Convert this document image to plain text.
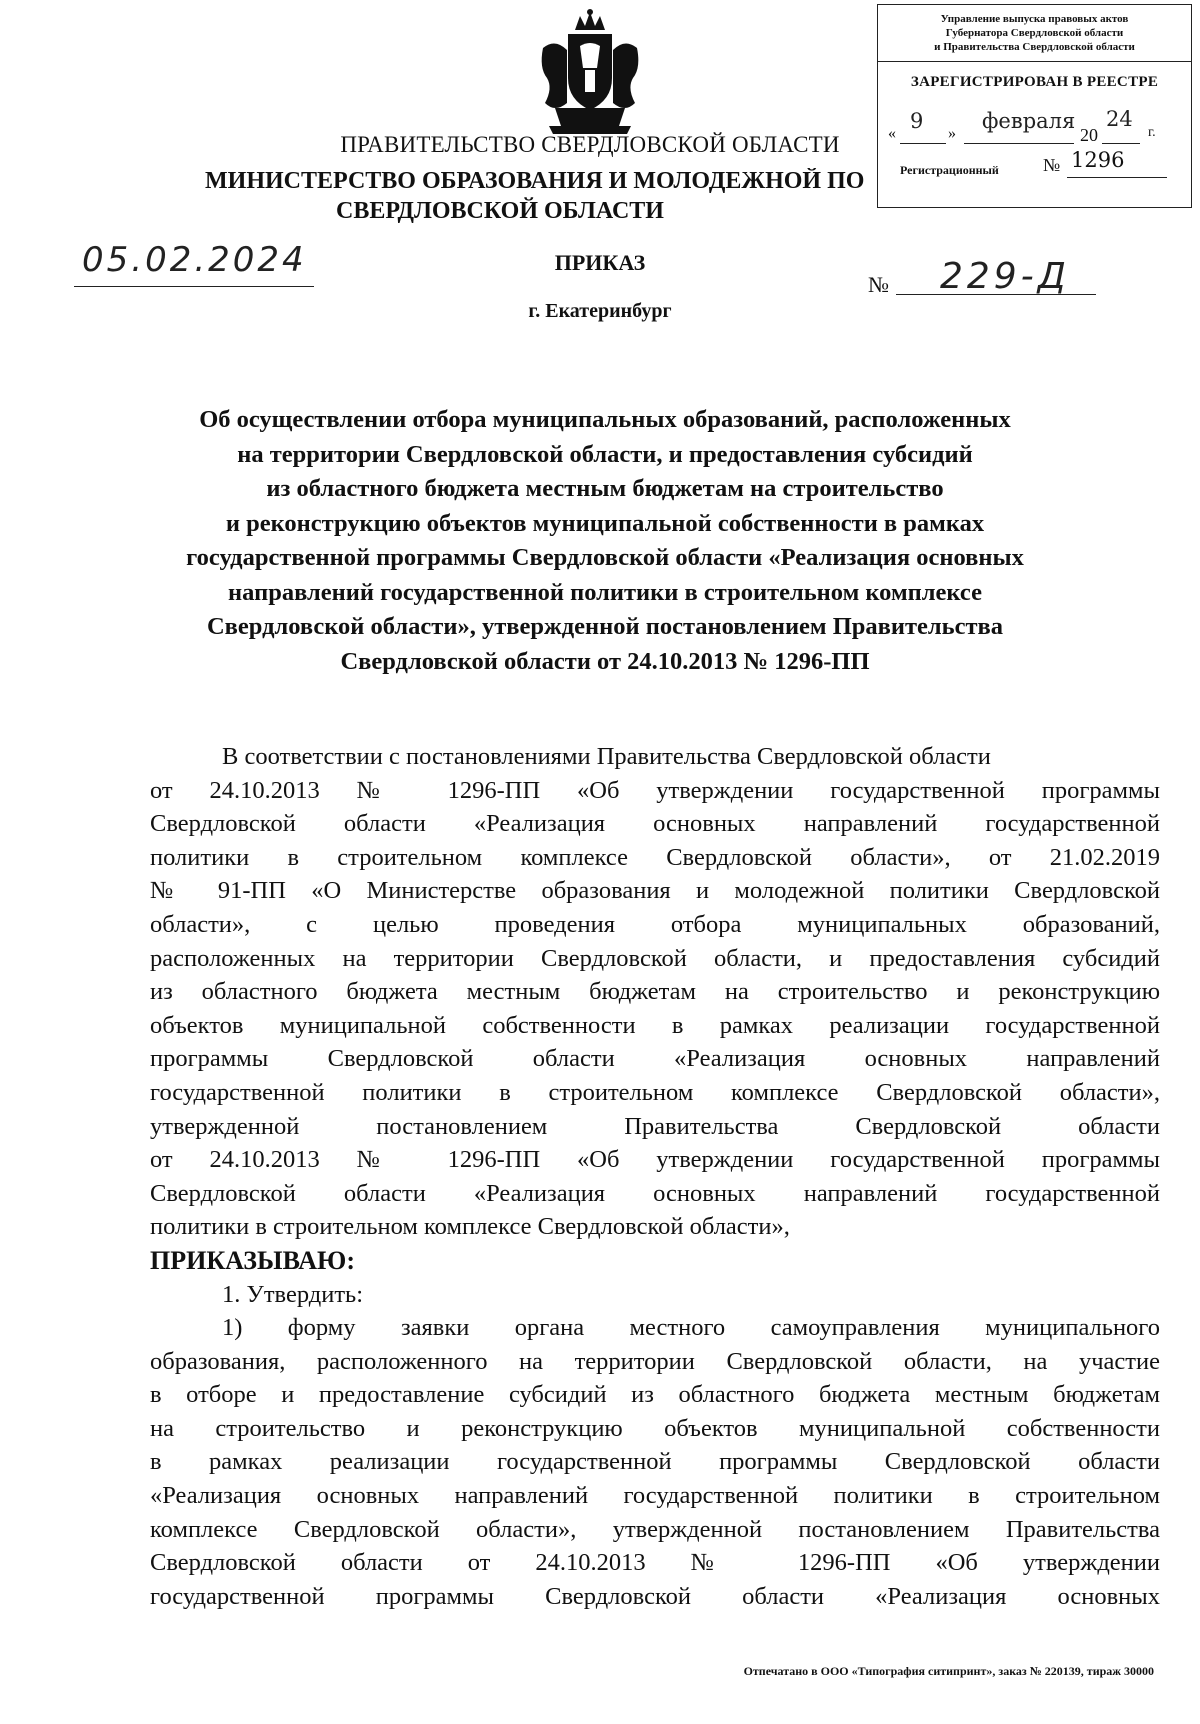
Управление выпуска правовых актов
Губернатора Свердловской области
и Правительства Свердловской области
ЗАРЕГИСТРИРОВАН В РЕЕСТРЕ
«
9
»
февраля
20
24
г.
Регистрационный № 1296
ПРАВИТЕЛЬСТВО СВЕРДЛОВСКОЙ ОБЛАСТИ
МИНИСТЕРСТВО ОБРАЗОВАНИЯ И МОЛОДЕЖНОЙ ПО
СВЕРДЛОВСКОЙ ОБЛАСТИ
05.02.2024	ПРИКАЗ
г. Екатеринбург
№ 229-Д
Об осуществлении отбора муниципальных образований, расположенных
на территории Свердловской области, и предоставления субсидий
из областного бюджета местным бюджетам на строительство
и реконструкцию объектов муниципальной собственности в рамках
государственной программы Свердловской области «Реализация основных
направлений государственной политики в строительном комплексе
Свердловской области», утвержденной постановлением Правительства
Свердловской области от 24.10.2013 № 1296-ПП
В соответствии с постановлениями Правительства Свердловской области
от 24.10.2013 № 1296-ПП «Об утверждении государственной программы
Свердловской области «Реализация основных направлений государственной
политики в строительном комплексе Свердловской области», от 21.02.2019
№ 91-ПП «О Министерстве образования и молодежной политики Свердловской
области», с целью проведения отбора муниципальных образований,
расположенных на территории Свердловской области, и предоставления субсидий
из областного бюджета местным бюджетам на строительство и реконструкцию
объектов муниципальной собственности в рамках реализации государственной
программы Свердловской области «Реализация основных направлений
государственной политики в строительном комплексе Свердловской области»,
утвержденной постановлением Правительства Свердловской области
от 24.10.2013 № 1296-ПП «Об утверждении государственной программы
Свердловской области «Реализация основных направлений государственной
политики в строительном комплексе Свердловской области»,
ПРИКАЗЫВАЮ:
1. Утвердить:
1) форму заявки органа местного самоуправления муниципального
образования, расположенного на территории Свердловской области, на участие
в отборе и предоставление субсидий из областного бюджета местным бюджетам
на строительство и реконструкцию объектов муниципальной собственности
в рамках реализации государственной программы Свердловской области
«Реализация основных направлений государственной политики в строительном
комплексе Свердловской области», утвержденной постановлением Правительства
Свердловской области от 24.10.2013 № 1296-ПП «Об утверждении
государственной программы Свердловской области «Реализация основных
Отпечатано в ООО «Типография ситипринт», заказ № 220139, тираж 30000
